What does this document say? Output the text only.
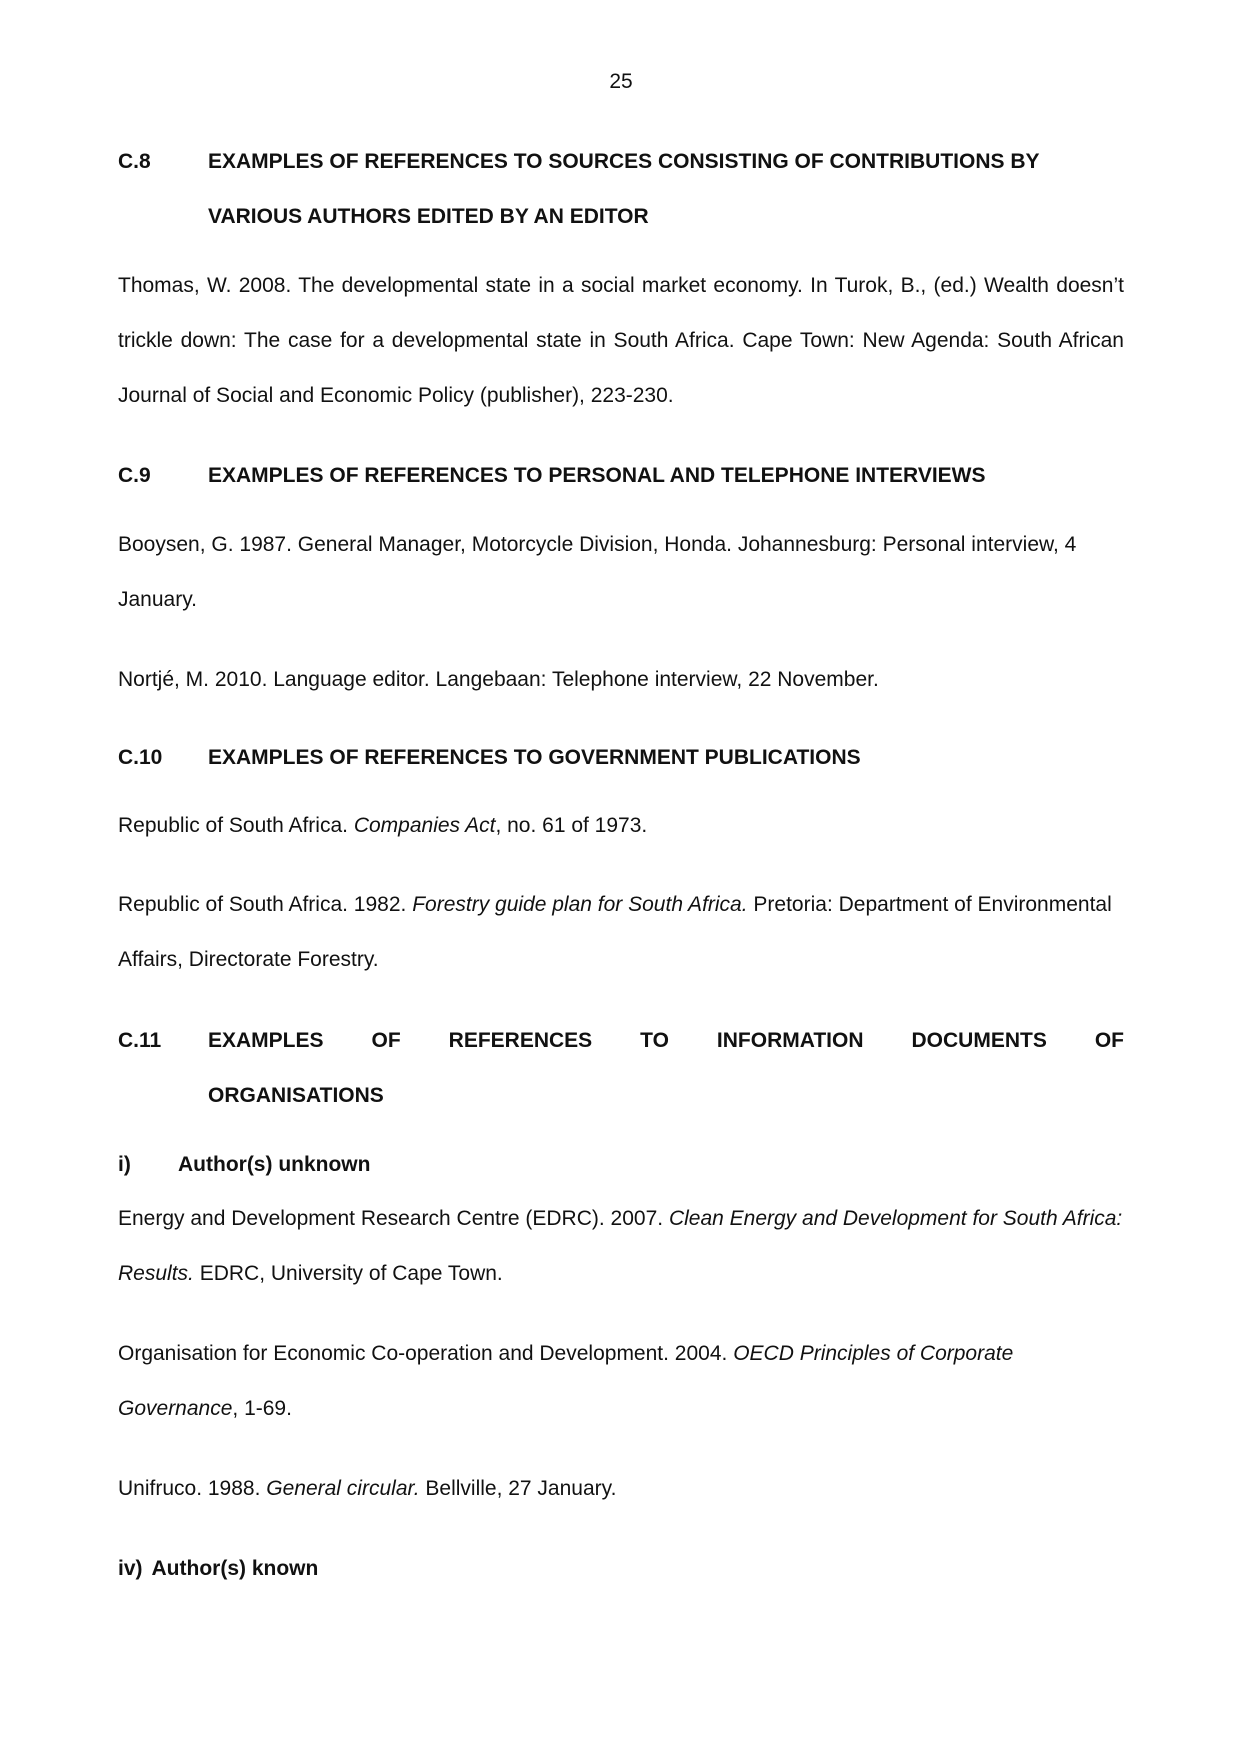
25
C.8	EXAMPLES OF REFERENCES TO SOURCES CONSISTING OF CONTRIBUTIONS BY VARIOUS AUTHORS EDITED BY AN EDITOR
Thomas, W. 2008. The developmental state in a social market economy. In Turok, B., (ed.) Wealth doesn’t trickle down: The case for a developmental state in South Africa. Cape Town: New Agenda: South African Journal of Social and Economic Policy (publisher), 223-230.
C.9	EXAMPLES OF REFERENCES TO PERSONAL AND TELEPHONE INTERVIEWS
Booysen, G. 1987. General Manager, Motorcycle Division, Honda. Johannesburg: Personal interview, 4 January.
Nortjé, M. 2010. Language editor. Langebaan: Telephone interview, 22 November.
C.10	EXAMPLES OF REFERENCES TO GOVERNMENT PUBLICATIONS
Republic of South Africa. Companies Act, no. 61 of 1973.
Republic of South Africa. 1982. Forestry guide plan for South Africa. Pretoria: Department of Environmental Affairs, Directorate Forestry.
C.11	EXAMPLES OF REFERENCES TO INFORMATION DOCUMENTS OF
ORGANISATIONS
i)	Author(s) unknown
Energy and Development Research Centre (EDRC). 2007. Clean Energy and Development for South Africa: Results. EDRC, University of Cape Town.
Organisation for Economic Co-operation and Development. 2004. OECD Principles of Corporate Governance, 1-69.
Unifruco. 1988. General circular. Bellville, 27 January.
iv) Author(s) known
